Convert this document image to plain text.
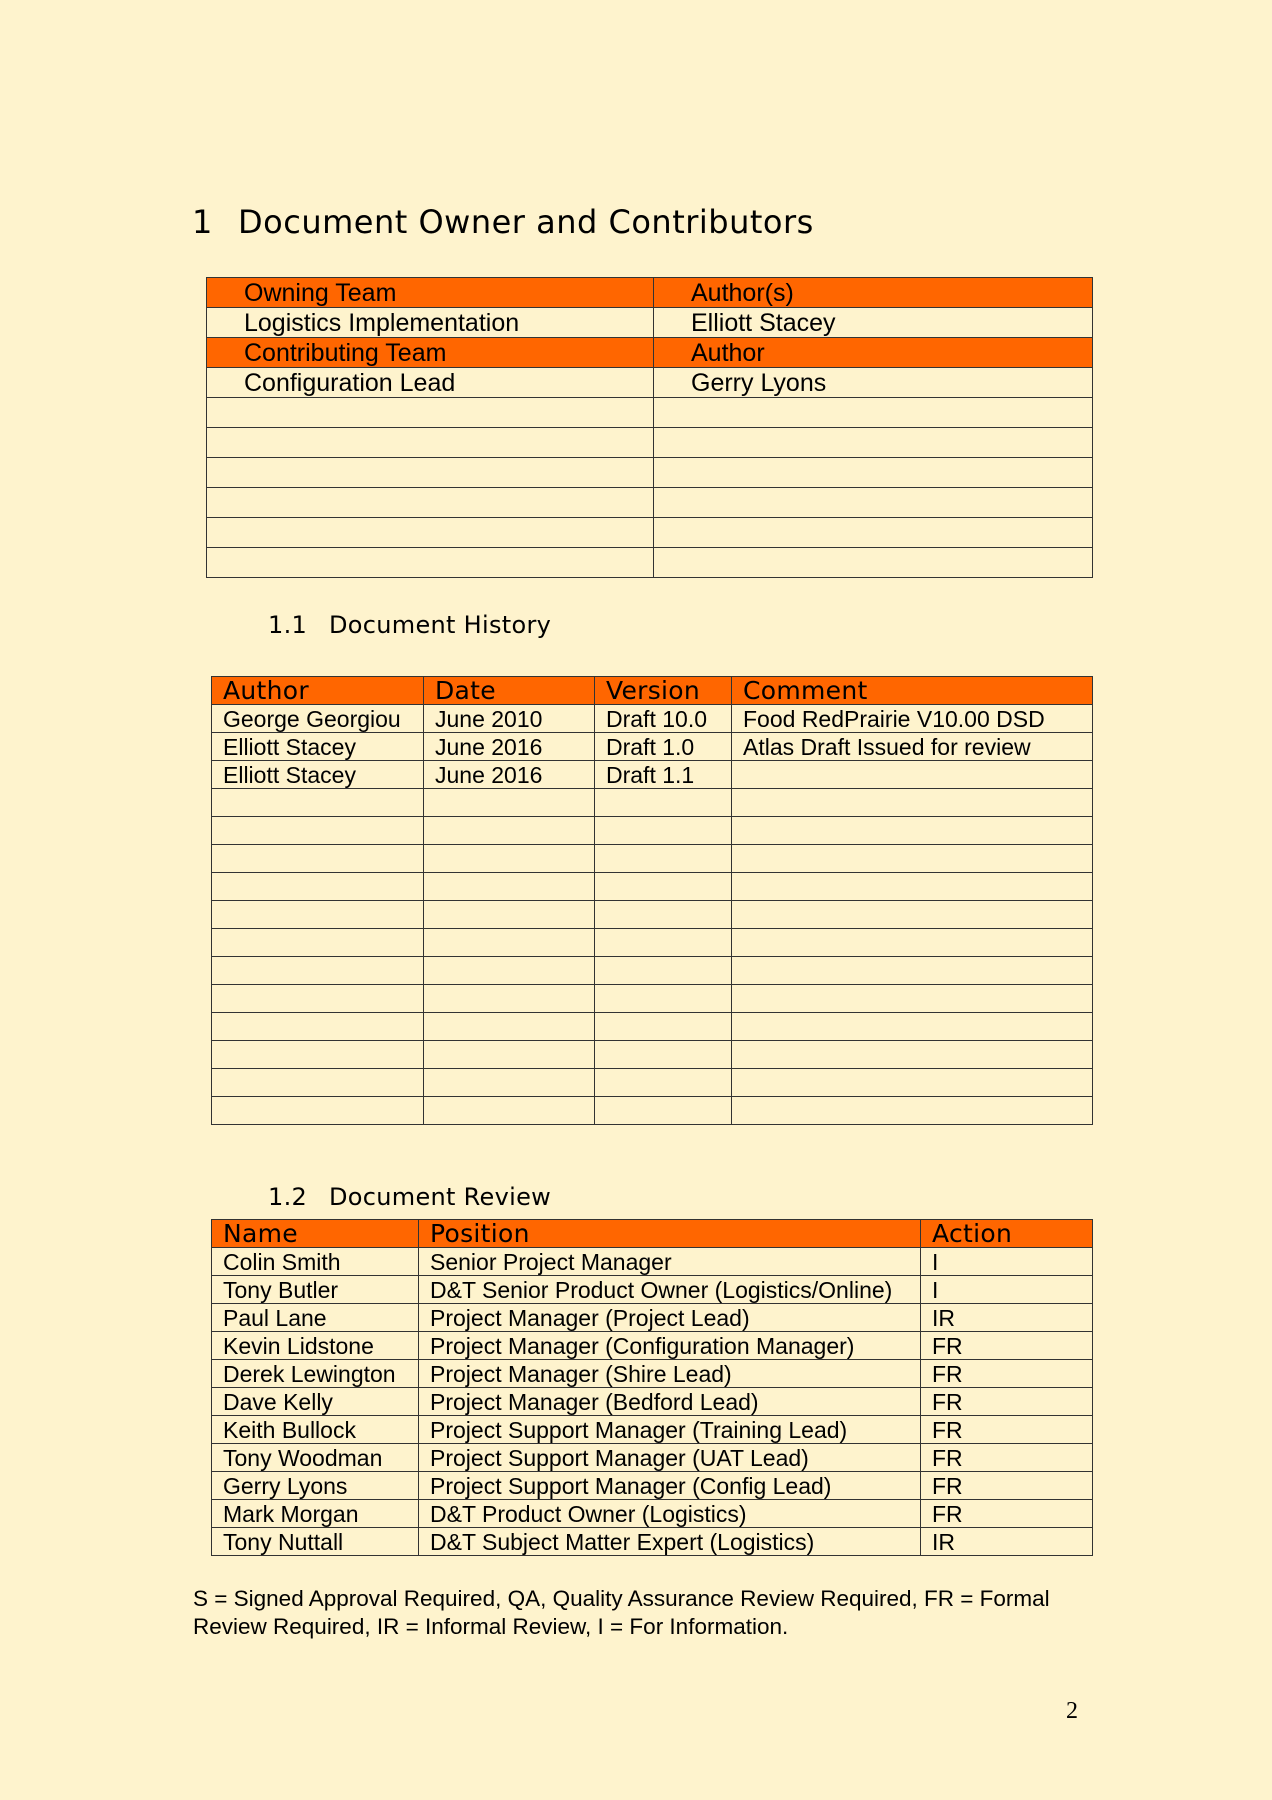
1 Document Owner and Contributors
Owning Team	Author(s)
Logistics Implementation	Elliott Stacey
Contributing Team	Author
Configuration Lead	Gerry Lyons

1.1 Document History
Author	Date	Version	Comment
George Georgiou	June 2010	Draft 10.0	Food RedPrairie V10.00 DSD
Elliott Stacey	June 2016	Draft 1.0	Atlas Draft Issued for review
Elliott Stacey	June 2016	Draft 1.1	

1.2 Document Review
Name	Position	Action
Colin Smith	Senior Project Manager	I
Tony Butler	D&T Senior Product Owner (Logistics/Online)	I
Paul Lane	Project Manager (Project Lead)	IR
Kevin Lidstone	Project Manager (Configuration Manager)	FR
Derek Lewington	Project Manager (Shire Lead)	FR
Dave Kelly	Project Manager (Bedford Lead)	FR
Keith Bullock	Project Support Manager (Training Lead)	FR
Tony Woodman	Project Support Manager (UAT Lead)	FR
Gerry Lyons	Project Support Manager (Config Lead)	FR
Mark Morgan	D&T Product Owner (Logistics)	FR
Tony Nuttall	D&T Subject Matter Expert (Logistics)	IR
S = Signed Approval Required, QA, Quality Assurance Review Required, FR = Formal Review Required, IR = Informal Review, I = For Information.
2
